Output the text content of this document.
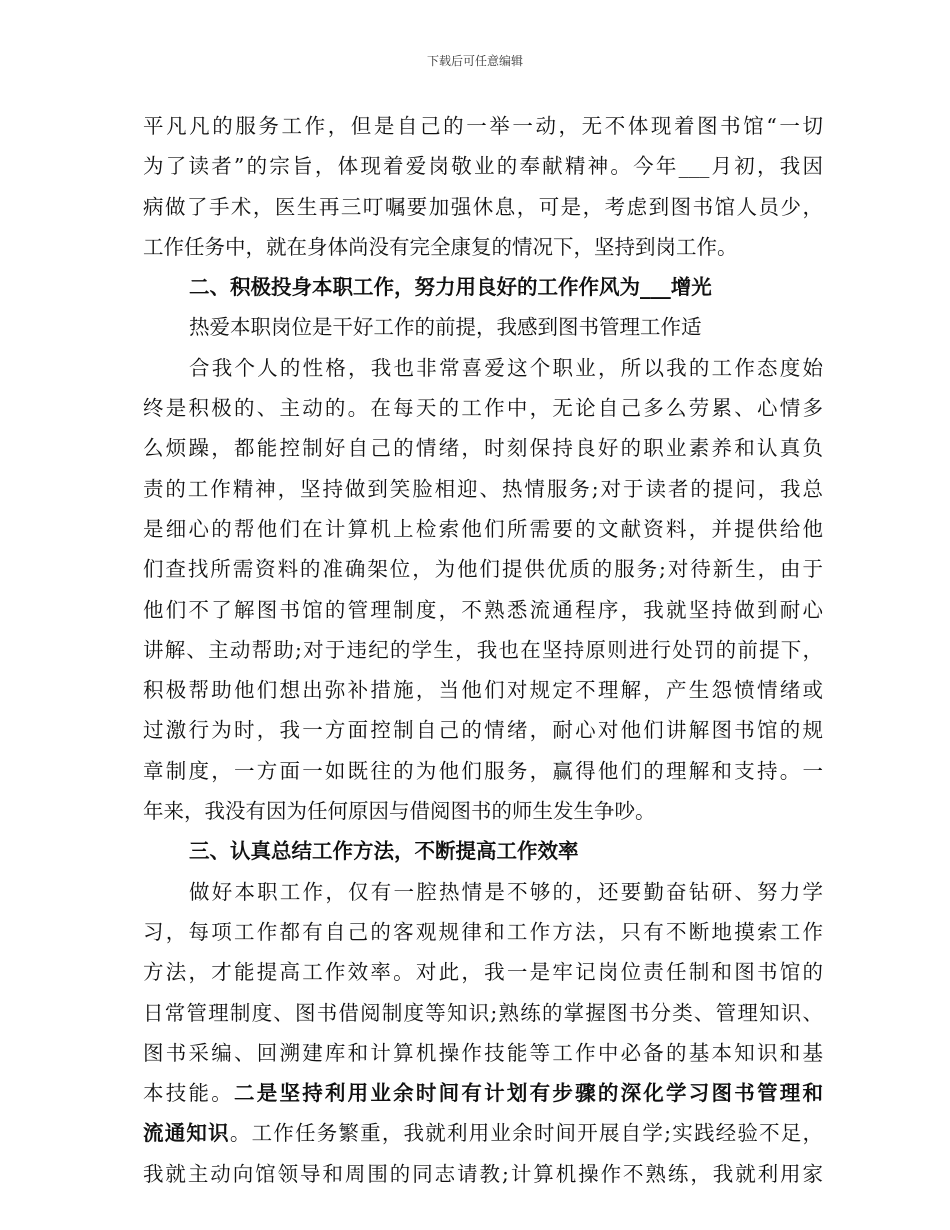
下载后可任意编辑
平凡凡的服务工作，但是自己的一举一动，无不体现着图书馆“一切
为了读者”的宗旨，体现着爱岗敬业的奉献精神。今年___月初，我因
病做了手术，医生再三叮嘱要加强休息，可是，考虑到图书馆人员少，
工作任务中，就在身体尚没有完全康复的情况下，坚持到岗工作。
二、积极投身本职工作，努力用良好的工作作风为___增光
热爱本职岗位是干好工作的前提，我感到图书管理工作适
合我个人的性格，我也非常喜爱这个职业，所以我的工作态度始
终是积极的、主动的。在每天的工作中，无论自己多么劳累、心情多
么烦躁，都能控制好自己的情绪，时刻保持良好的职业素养和认真负
责的工作精神，坚持做到笑脸相迎、热情服务;对于读者的提问，我总
是细心的帮他们在计算机上检索他们所需要的文献资料，并提供给他
们查找所需资料的准确架位，为他们提供优质的服务;对待新生，由于
他们不了解图书馆的管理制度，不熟悉流通程序，我就坚持做到耐心
讲解、主动帮助;对于违纪的学生，我也在坚持原则进行处罚的前提下，
积极帮助他们想出弥补措施，当他们对规定不理解，产生怨愤情绪或
过激行为时，我一方面控制自己的情绪，耐心对他们讲解图书馆的规
章制度，一方面一如既往的为他们服务，赢得他们的理解和支持。一
年来，我没有因为任何原因与借阅图书的师生发生争吵。
三、认真总结工作方法，不断提高工作效率
做好本职工作，仅有一腔热情是不够的，还要勤奋钻研、努力学
习，每项工作都有自己的客观规律和工作方法，只有不断地摸索工作
方法，才能提高工作效率。对此，我一是牢记岗位责任制和图书馆的
日常管理制度、图书借阅制度等知识;熟练的掌握图书分类、管理知识、
图书采编、回溯建库和计算机操作技能等工作中必备的基本知识和基
本技能。二是坚持利用业余时间有计划有步骤的深化学习图书管理和
流通知识。工作任务繁重，我就利用业余时间开展自学;实践经验不足，
我就主动向馆领导和周围的同志请教;计算机操作不熟练，我就利用家
